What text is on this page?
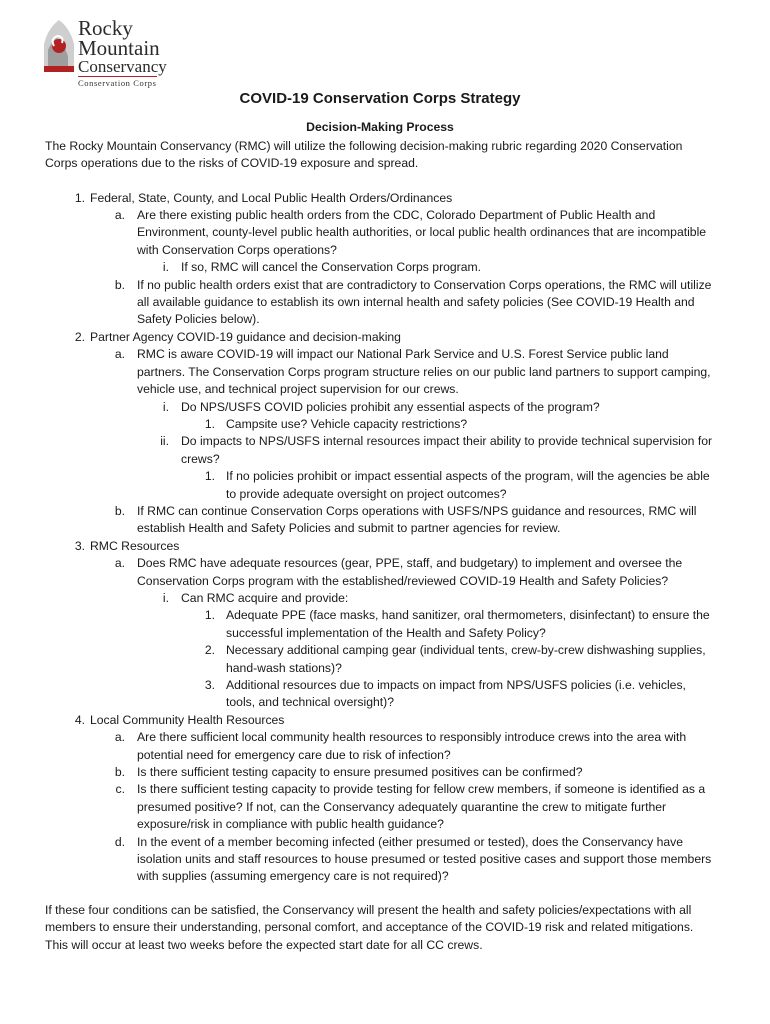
Rocky
Mountain
Conservancy
Conservation Corps
COVID-19 Conservation Corps Strategy
Decision-Making Process

The Rocky Mountain Conservancy (RMC) will utilize the following decision-making rubric regarding 2020 Conservation Corps operations due to the risks of COVID-19 exposure and spread.

1. Federal, State, County, and Local Public Health Orders/Ordinances
a. Are there existing public health orders from the CDC, Colorado Department of Public Health and Environment, county-level public health authorities, or local public health ordinances that are incompatible with Conservation Corps operations?
i. If so, RMC will cancel the Conservation Corps program.
b. If no public health orders exist that are contradictory to Conservation Corps operations, the RMC will utilize all available guidance to establish its own internal health and safety policies (See COVID-19 Health and Safety Policies below).
2. Partner Agency COVID-19 guidance and decision-making
a. RMC is aware COVID-19 will impact our National Park Service and U.S. Forest Service public land partners. The Conservation Corps program structure relies on our public land partners to support camping, vehicle use, and technical project supervision for our crews.
i. Do NPS/USFS COVID policies prohibit any essential aspects of the program?
1. Campsite use? Vehicle capacity restrictions?
ii. Do impacts to NPS/USFS internal resources impact their ability to provide technical supervision for crews?
1. If no policies prohibit or impact essential aspects of the program, will the agencies be able to provide adequate oversight on project outcomes?
b. If RMC can continue Conservation Corps operations with USFS/NPS guidance and resources, RMC will establish Health and Safety Policies and submit to partner agencies for review.
3. RMC Resources
a. Does RMC have adequate resources (gear, PPE, staff, and budgetary) to implement and oversee the Conservation Corps program with the established/reviewed COVID-19 Health and Safety Policies?
i. Can RMC acquire and provide:
1. Adequate PPE (face masks, hand sanitizer, oral thermometers, disinfectant) to ensure the successful implementation of the Health and Safety Policy?
2. Necessary additional camping gear (individual tents, crew-by-crew dishwashing supplies, hand-wash stations)?
3. Additional resources due to impacts on impact from NPS/USFS policies (i.e. vehicles, tools, and technical oversight)?
4. Local Community Health Resources
a. Are there sufficient local community health resources to responsibly introduce crews into the area with potential need for emergency care due to risk of infection?
b. Is there sufficient testing capacity to ensure presumed positives can be confirmed?
c. Is there sufficient testing capacity to provide testing for fellow crew members, if someone is identified as a presumed positive? If not, can the Conservancy adequately quarantine the crew to mitigate further exposure/risk in compliance with public health guidance?
d. In the event of a member becoming infected (either presumed or tested), does the Conservancy have isolation units and staff resources to house presumed or tested positive cases and support those members with supplies (assuming emergency care is not required)?

If these four conditions can be satisfied, the Conservancy will present the health and safety policies/expectations with all members to ensure their understanding, personal comfort, and acceptance of the COVID-19 risk and related mitigations. This will occur at least two weeks before the expected start date for all CC crews.
